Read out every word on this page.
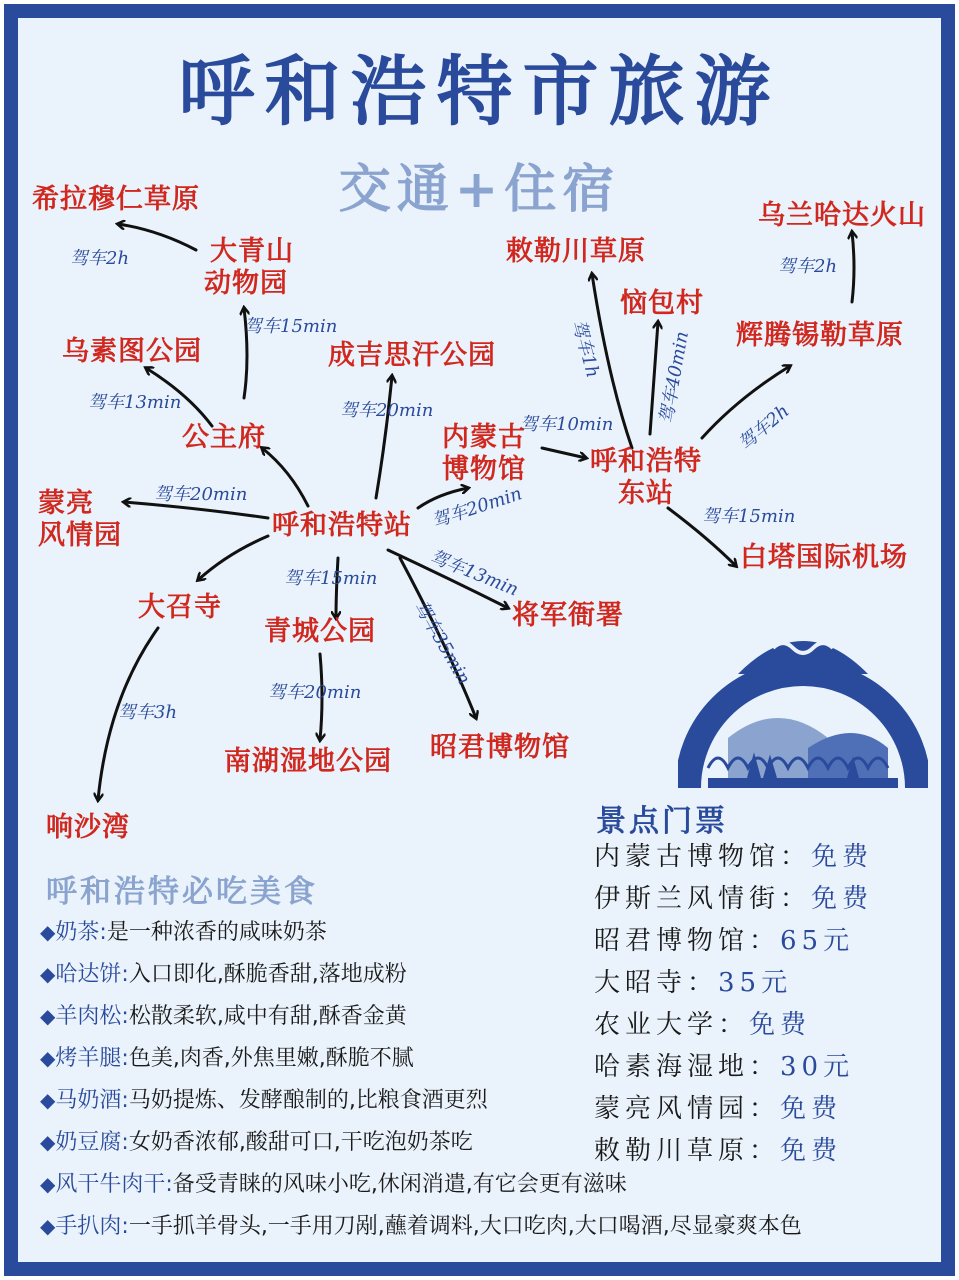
呼和浩特市旅游
交通+住宿
希拉穆仁草原
大青山
动物园
乌素图公园	成吉思汗公园
公主府	内蒙古
博物馆
蒙亮
风情园	呼和浩特站
大召寺
青城公园
将军衙署
南湖湿地公园 昭君博物馆
响沙湾
敕勒川草原
恼包村
乌兰哈达火山
辉腾锡勒草原
呼和浩特
东站
白塔国际机场
驾车2h
驾车15min
驾车13min	驾车20min
驾车20min	驾车20min
驾车10min
驾车15min	驾车13min
驾车35min
驾车20min
驾车3h
驾车1h	驾车40min
驾车2h
驾车2h
驾车15min
景点门票
内蒙古博物馆：免费
伊斯兰风情街：免费
昭君博物馆：65元
大昭寺：35元
农业大学：免费
哈素海湿地：30元
蒙亮风情园：免费
敕勒川草原：免费
呼和浩特必吃美食
◆奶茶:是一种浓香的咸味奶茶
◆哈达饼:入口即化,酥脆香甜,落地成粉
◆羊肉松:松散柔软,咸中有甜,酥香金黄
◆烤羊腿:色美,肉香,外焦里嫩,酥脆不腻
◆马奶酒:马奶提炼、发酵酿制的,比粮食酒更烈
◆奶豆腐:女奶香浓郁,酸甜可口,干吃泡奶茶吃
◆风干牛肉干:备受青睐的风味小吃,休闲消遣,有它会更有滋味
◆手扒肉:一手抓羊骨头,一手用刀剐,蘸着调料,大口吃肉,大口喝酒,尽显豪爽本色
